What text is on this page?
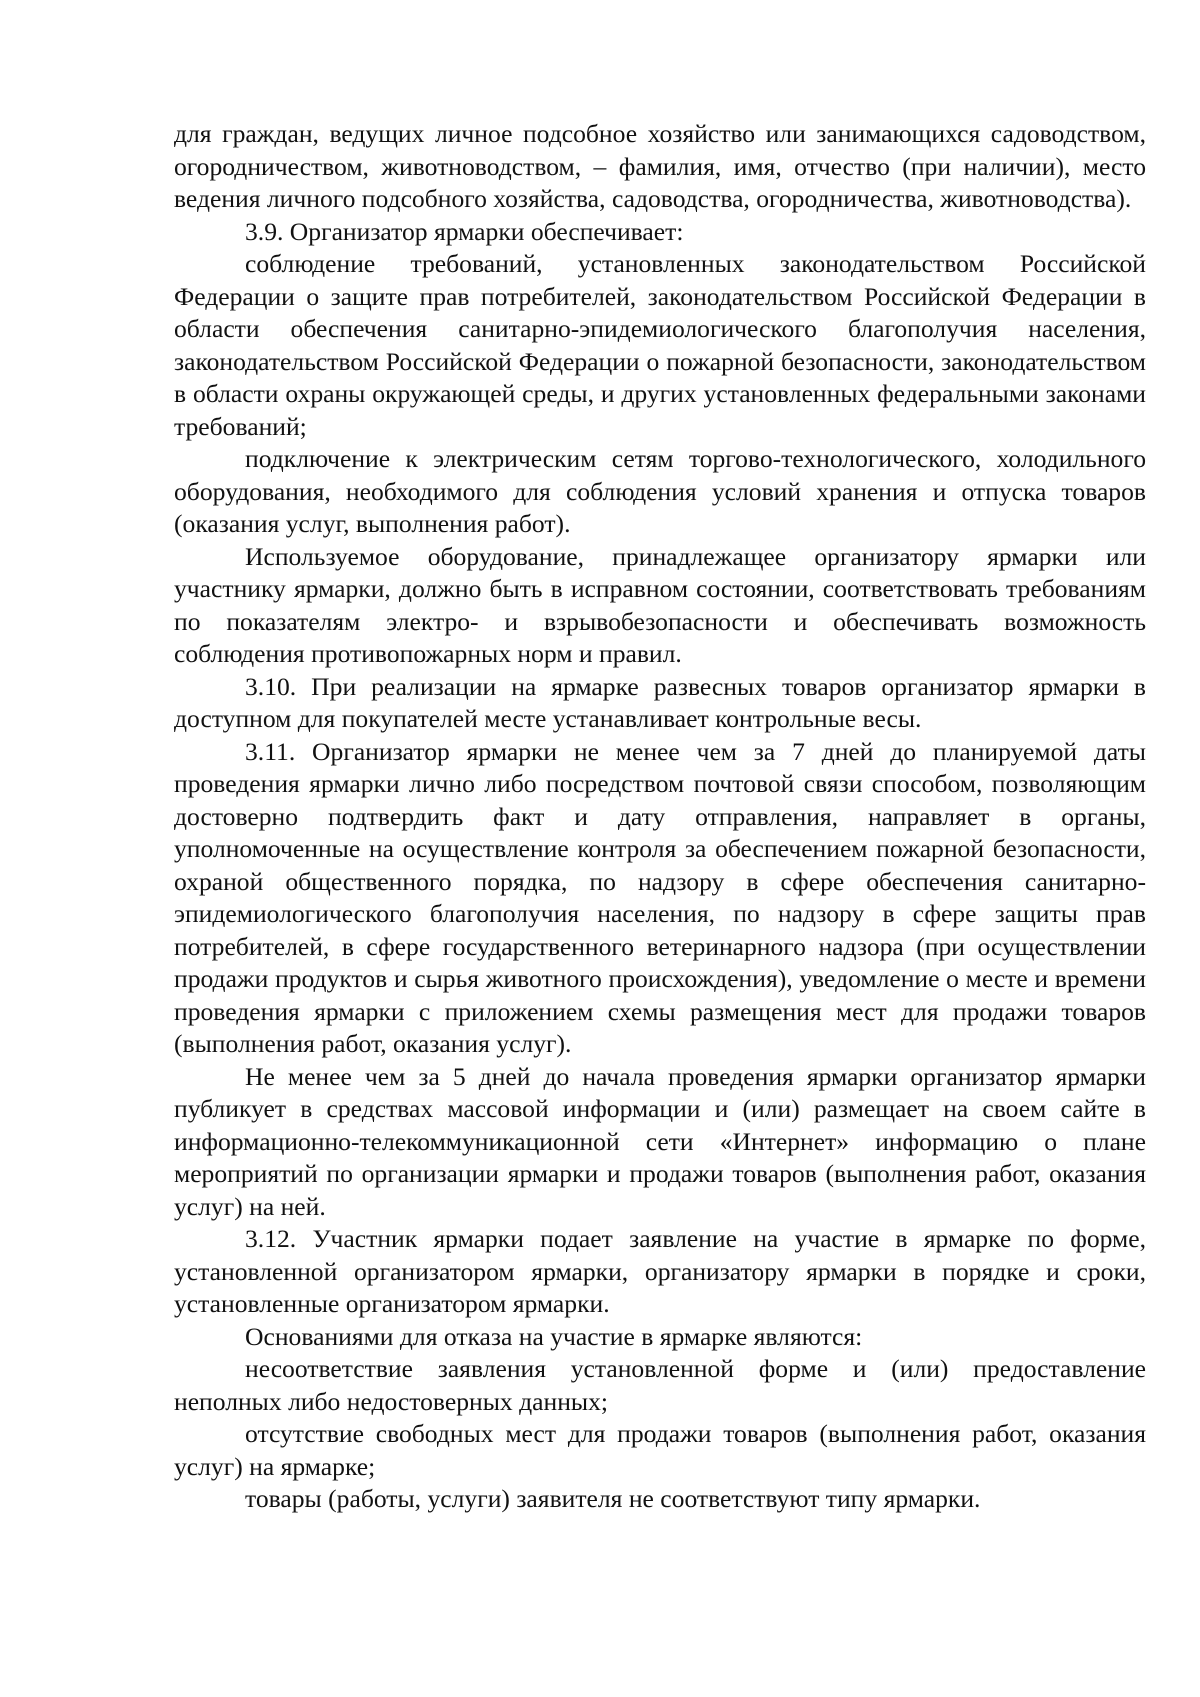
для граждан, ведущих личное подсобное хозяйство или занимающихся садоводством, огородничеством, животноводством, – фамилия, имя, отчество (при наличии), место ведения личного подсобного хозяйства, садоводства, огородничества, животноводства).

3.9. Организатор ярмарки обеспечивает:

соблюдение требований, установленных законодательством Российской Федерации о защите прав потребителей, законодательством Российской Федерации в области обеспечения санитарно-эпидемиологического благополучия населения, законодательством Российской Федерации о пожарной безопасности, законодательством в области охраны окружающей среды, и других установленных федеральными законами требований;

подключение к электрическим сетям торгово-технологического, холодильного оборудования, необходимого для соблюдения условий хранения и отпуска товаров (оказания услуг, выполнения работ).

Используемое оборудование, принадлежащее организатору ярмарки или участнику ярмарки, должно быть в исправном состоянии, соответствовать требованиям по показателям электро- и взрывобезопасности и обеспечивать возможность соблюдения противопожарных норм и правил.

3.10. При реализации на ярмарке развесных товаров организатор ярмарки в доступном для покупателей месте устанавливает контрольные весы.

3.11. Организатор ярмарки не менее чем за 7 дней до планируемой даты проведения ярмарки лично либо посредством почтовой связи способом, позволяющим достоверно подтвердить факт и дату отправления, направляет в органы, уполномоченные на осуществление контроля за обеспечением пожарной безопасности, охраной общественного порядка, по надзору в сфере обеспечения санитарно-эпидемиологического благополучия населения, по надзору в сфере защиты прав потребителей, в сфере государственного ветеринарного надзора (при осуществлении продажи продуктов и сырья животного происхождения), уведомление о месте и времени проведения ярмарки с приложением схемы размещения мест для продажи товаров (выполнения работ, оказания услуг).

Не менее чем за 5 дней до начала проведения ярмарки организатор ярмарки публикует в средствах массовой информации и (или) размещает на своем сайте в информационно-телекоммуникационной сети «Интернет» информацию о плане мероприятий по организации ярмарки и продажи товаров (выполнения работ, оказания услуг) на ней.

3.12. Участник ярмарки подает заявление на участие в ярмарке по форме, установленной организатором ярмарки, организатору ярмарки в порядке и сроки, установленные организатором ярмарки.

Основаниями для отказа на участие в ярмарке являются:

несоответствие заявления установленной форме и (или) предоставление неполных либо недостоверных данных;

отсутствие свободных мест для продажи товаров (выполнения работ, оказания услуг) на ярмарке;

товары (работы, услуги) заявителя не соответствуют типу ярмарки.
